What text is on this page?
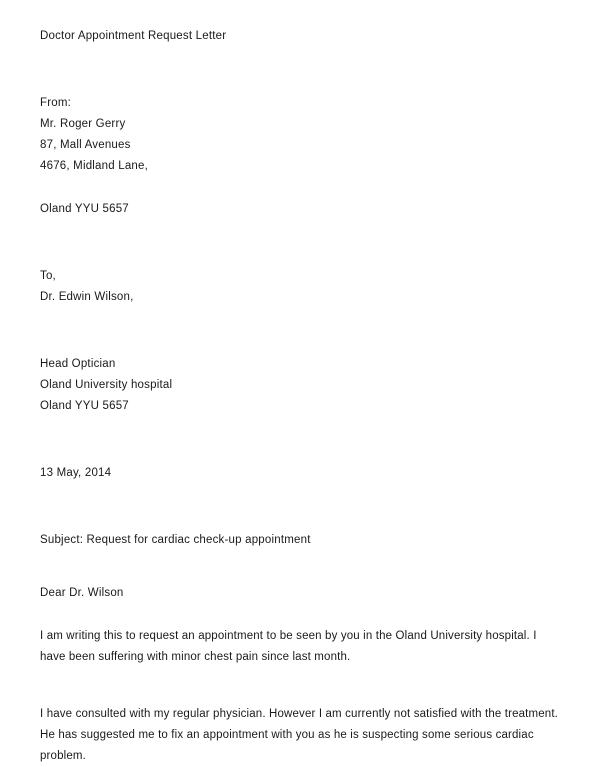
Doctor Appointment Request Letter
From:
Mr. Roger Gerry
87, Mall Avenues
4676, Midland Lane,
Oland YYU 5657
To,
Dr. Edwin Wilson,
Head Optician
Oland University hospital
Oland YYU 5657
13 May, 2014
Subject: Request for cardiac check-up appointment
Dear Dr. Wilson
I am writing this to request an appointment to be seen by you in the Oland University hospital. I have been suffering with minor chest pain since last month.
I have consulted with my regular physician. However I am currently not satisfied with the treatment. He has suggested me to fix an appointment with you as he is suspecting some serious cardiac problem.
